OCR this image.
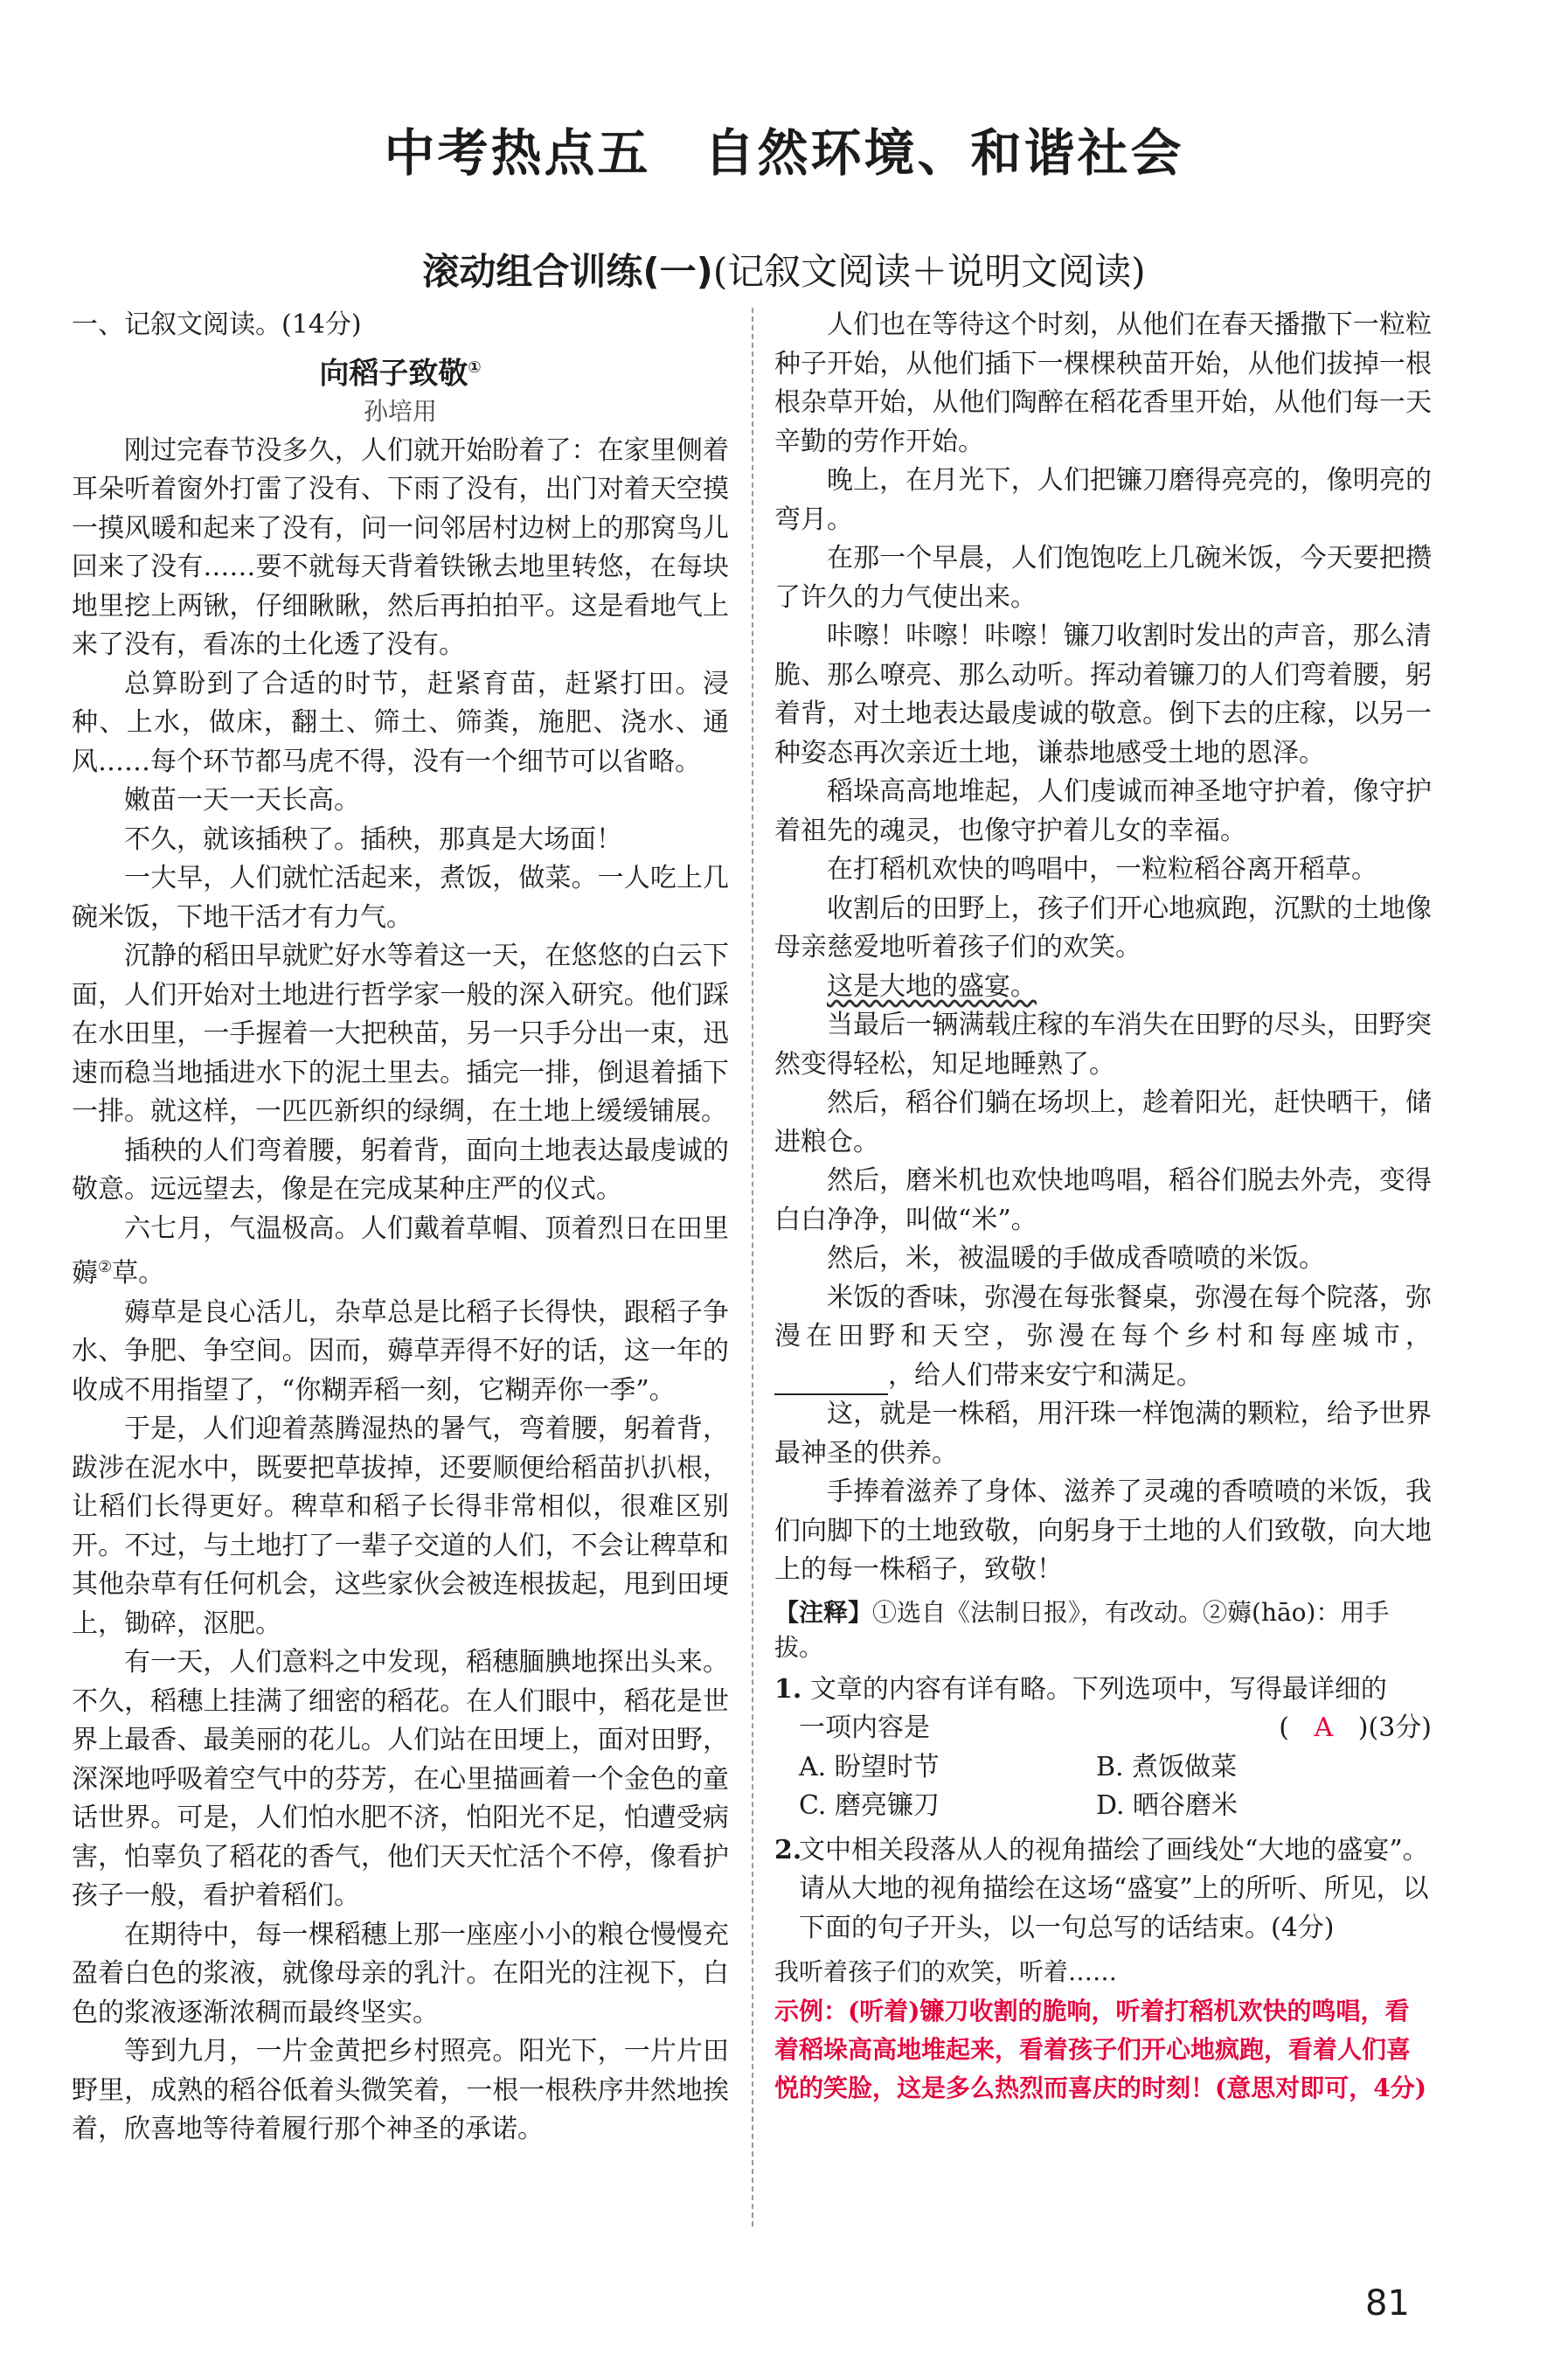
中考热点五　自然环境、和谐社会
滚动组合训练(一)(记叙文阅读＋说明文阅读)

一、记叙文阅读。(14分)

向稻子致敬①

孙培用

刚过完春节没多久，人们就开始盼着了：在家里侧着耳朵听着窗外打雷了没有、下雨了没有，出门对着天空摸一摸风暖和起来了没有，问一问邻居村边树上的那窝鸟儿回来了没有……要不就每天背着铁锹去地里转悠，在每块地里挖上两锹，仔细瞅瞅，然后再拍拍平。这是看地气上来了没有，看冻的土化透了没有。

总算盼到了合适的时节，赶紧育苗，赶紧打田。浸种、上水，做床，翻土、筛土、筛粪，施肥、浇水、通风……每个环节都马虎不得，没有一个细节可以省略。

嫩苗一天一天长高。

不久，就该插秧了。插秧，那真是大场面！

一大早，人们就忙活起来，煮饭，做菜。一人吃上几碗米饭，下地干活才有力气。

沉静的稻田早就贮好水等着这一天，在悠悠的白云下面，人们开始对土地进行哲学家一般的深入研究。他们踩在水田里，一手握着一大把秧苗，另一只手分出一束，迅速而稳当地插进水下的泥土里去。插完一排，倒退着插下一排。就这样，一匹匹新织的绿绸，在土地上缓缓铺展。

插秧的人们弯着腰，躬着背，面向土地表达最虔诚的敬意。远远望去，像是在完成某种庄严的仪式。

六七月，气温极高。人们戴着草帽、顶着烈日在田里薅②草。

薅草是良心活儿，杂草总是比稻子长得快，跟稻子争水、争肥、争空间。因而，薅草弄得不好的话，这一年的收成不用指望了，“你糊弄稻一刻，它糊弄你一季”。

于是，人们迎着蒸腾湿热的暑气，弯着腰，躬着背，跋涉在泥水中，既要把草拔掉，还要顺便给稻苗扒扒根，让稻们长得更好。稗草和稻子长得非常相似，很难区别开。不过，与土地打了一辈子交道的人们，不会让稗草和其他杂草有任何机会，这些家伙会被连根拔起，甩到田埂上，锄碎，沤肥。

有一天，人们意料之中发现，稻穗腼腆地探出头来。不久，稻穗上挂满了细密的稻花。在人们眼中，稻花是世界上最香、最美丽的花儿。人们站在田埂上，面对田野，深深地呼吸着空气中的芬芳，在心里描画着一个金色的童话世界。可是，人们怕水肥不济，怕阳光不足，怕遭受病害，怕辜负了稻花的香气，他们天天忙活个不停，像看护孩子一般，看护着稻们。

在期待中，每一棵稻穗上那一座座小小的粮仓慢慢充盈着白色的浆液，就像母亲的乳汁。在阳光的注视下，白色的浆液逐渐浓稠而最终坚实。

等到九月，一片金黄把乡村照亮。阳光下，一片片田野里，成熟的稻谷低着头微笑着，一根一根秩序井然地挨着，欣喜地等待着履行那个神圣的承诺。

人们也在等待这个时刻，从他们在春天播撒下一粒粒种子开始，从他们插下一棵棵秧苗开始，从他们拔掉一根根杂草开始，从他们陶醉在稻花香里开始，从他们每一天辛勤的劳作开始。

晚上，在月光下，人们把镰刀磨得亮亮的，像明亮的弯月。

在那一个早晨，人们饱饱吃上几碗米饭，今天要把攒了许久的力气使出来。

咔嚓！咔嚓！咔嚓！镰刀收割时发出的声音，那么清脆、那么嘹亮、那么动听。挥动着镰刀的人们弯着腰，躬着背，对土地表达最虔诚的敬意。倒下去的庄稼，以另一种姿态再次亲近土地，谦恭地感受土地的恩泽。

稻垛高高地堆起，人们虔诚而神圣地守护着，像守护着祖先的魂灵，也像守护着儿女的幸福。

在打稻机欢快的鸣唱中，一粒粒稻谷离开稻草。

收割后的田野上，孩子们开心地疯跑，沉默的土地像母亲慈爱地听着孩子们的欢笑。

这是大地的盛宴。

当最后一辆满载庄稼的车消失在田野的尽头，田野突然变得轻松，知足地睡熟了。

然后，稻谷们躺在场坝上，趁着阳光，赶快晒干，储进粮仓。

然后，磨米机也欢快地鸣唱，稻谷们脱去外壳，变得白白净净，叫做“米”。

然后，米，被温暖的手做成香喷喷的米饭。

米饭的香味，弥漫在每张餐桌，弥漫在每个院落，弥漫在田野和天空，弥漫在每个乡村和每座城市，，给人们带来安宁和满足。

这，就是一株稻，用汗珠一样饱满的颗粒，给予世界最神圣的供养。

手捧着滋养了身体、滋养了灵魂的香喷喷的米饭，我们向脚下的土地致敬，向躬身于土地的人们致敬，向大地上的每一株稻子，致敬！

【注释】①选自《法制日报》，有改动。②薅(hāo)：用手拔。

1. 文章的内容有详有略。下列选项中，写得最详细的
一项内容是	( A )(3分)
A. 盼望时节	B. 煮饭做菜
C. 磨亮镰刀	D. 晒谷磨米
2.
文中相关段落从人的视角描绘了画线处“大地的盛宴”。请从大地的视角描绘在这场“盛宴”上的所听、所见，以下面的句子开头，以一句总写的话结束。(4分)
我听着孩子们的欢笑，听着……
示例：(听着)镰刀收割的脆响，听着打稻机欢快的鸣唱，看着稻垛高高地堆起来，看着孩子们开心地疯跑，看着人们喜悦的笑脸，这是多么热烈而喜庆的时刻！(意思对即可，4分)
81
